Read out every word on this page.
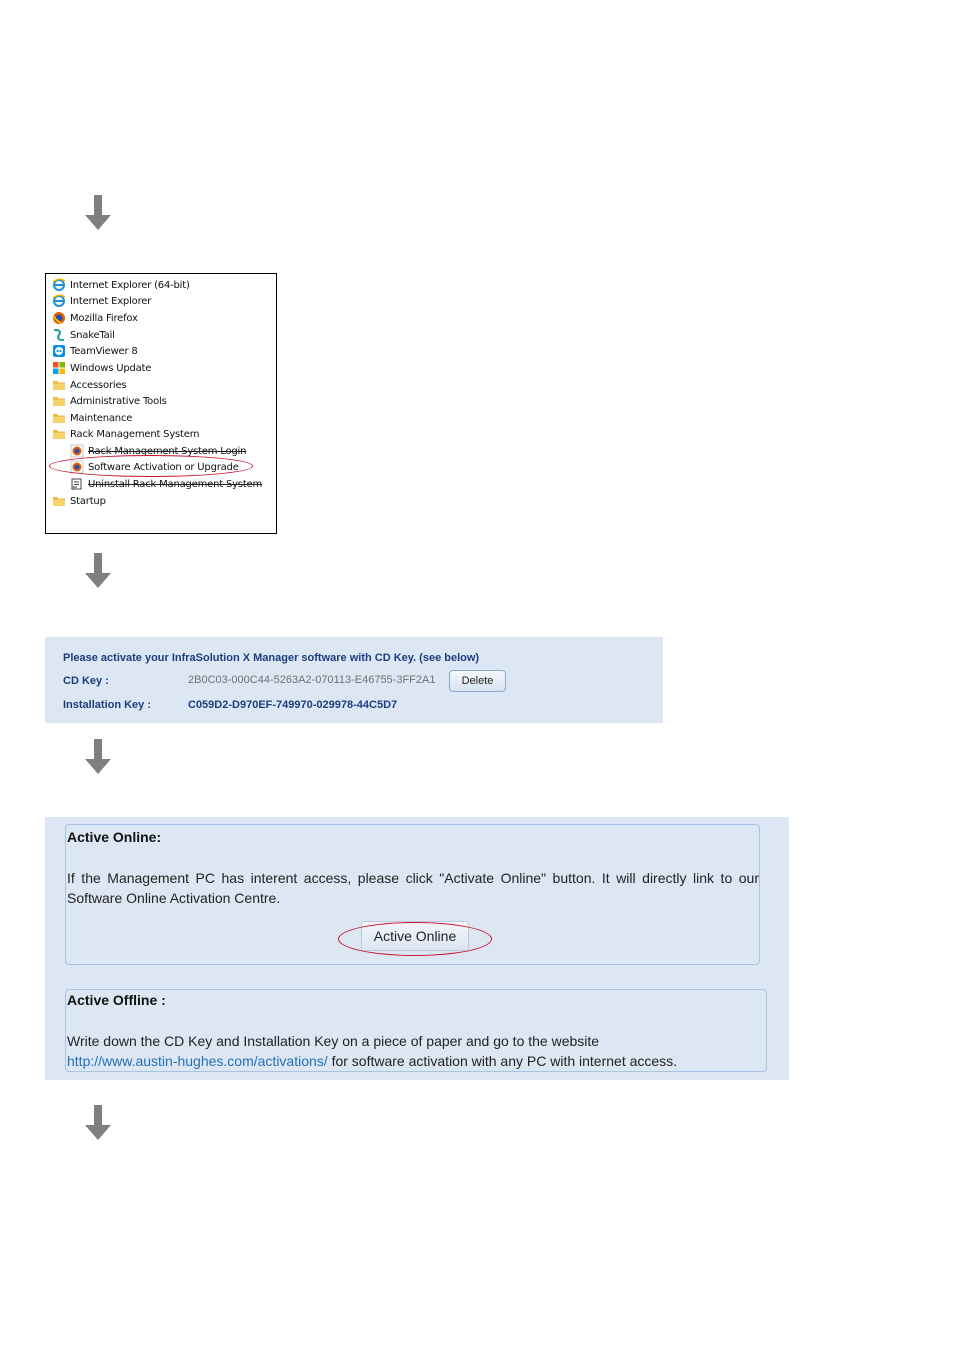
Internet Explorer (64-bit)
Internet Explorer
Mozilla Firefox
SnakeTail
TeamViewer 8
Windows Update
Accessories
Administrative Tools
Maintenance
Rack Management System
Rack Management System Login
Software Activation or Upgrade
Uninstall Rack Management System
Startup
Please activate your InfraSolution X Manager software with CD Key. (see below)
CD Key :	2B0C03-000C44-5263A2-070113-E46755-3FF2A1	Delete
Installation Key :	C059D2-D970EF-749970-029978-44C5D7
Active Online:
If the Management PC has interent access, please click "Activate Online" button. It will directly link to our Software Online Activation Centre.
Active Online
Active Offline :
Write down the CD Key and Installation Key on a piece of paper and go to the website
http://www.austin-hughes.com/activations/ for software activation with any PC with internet access.
